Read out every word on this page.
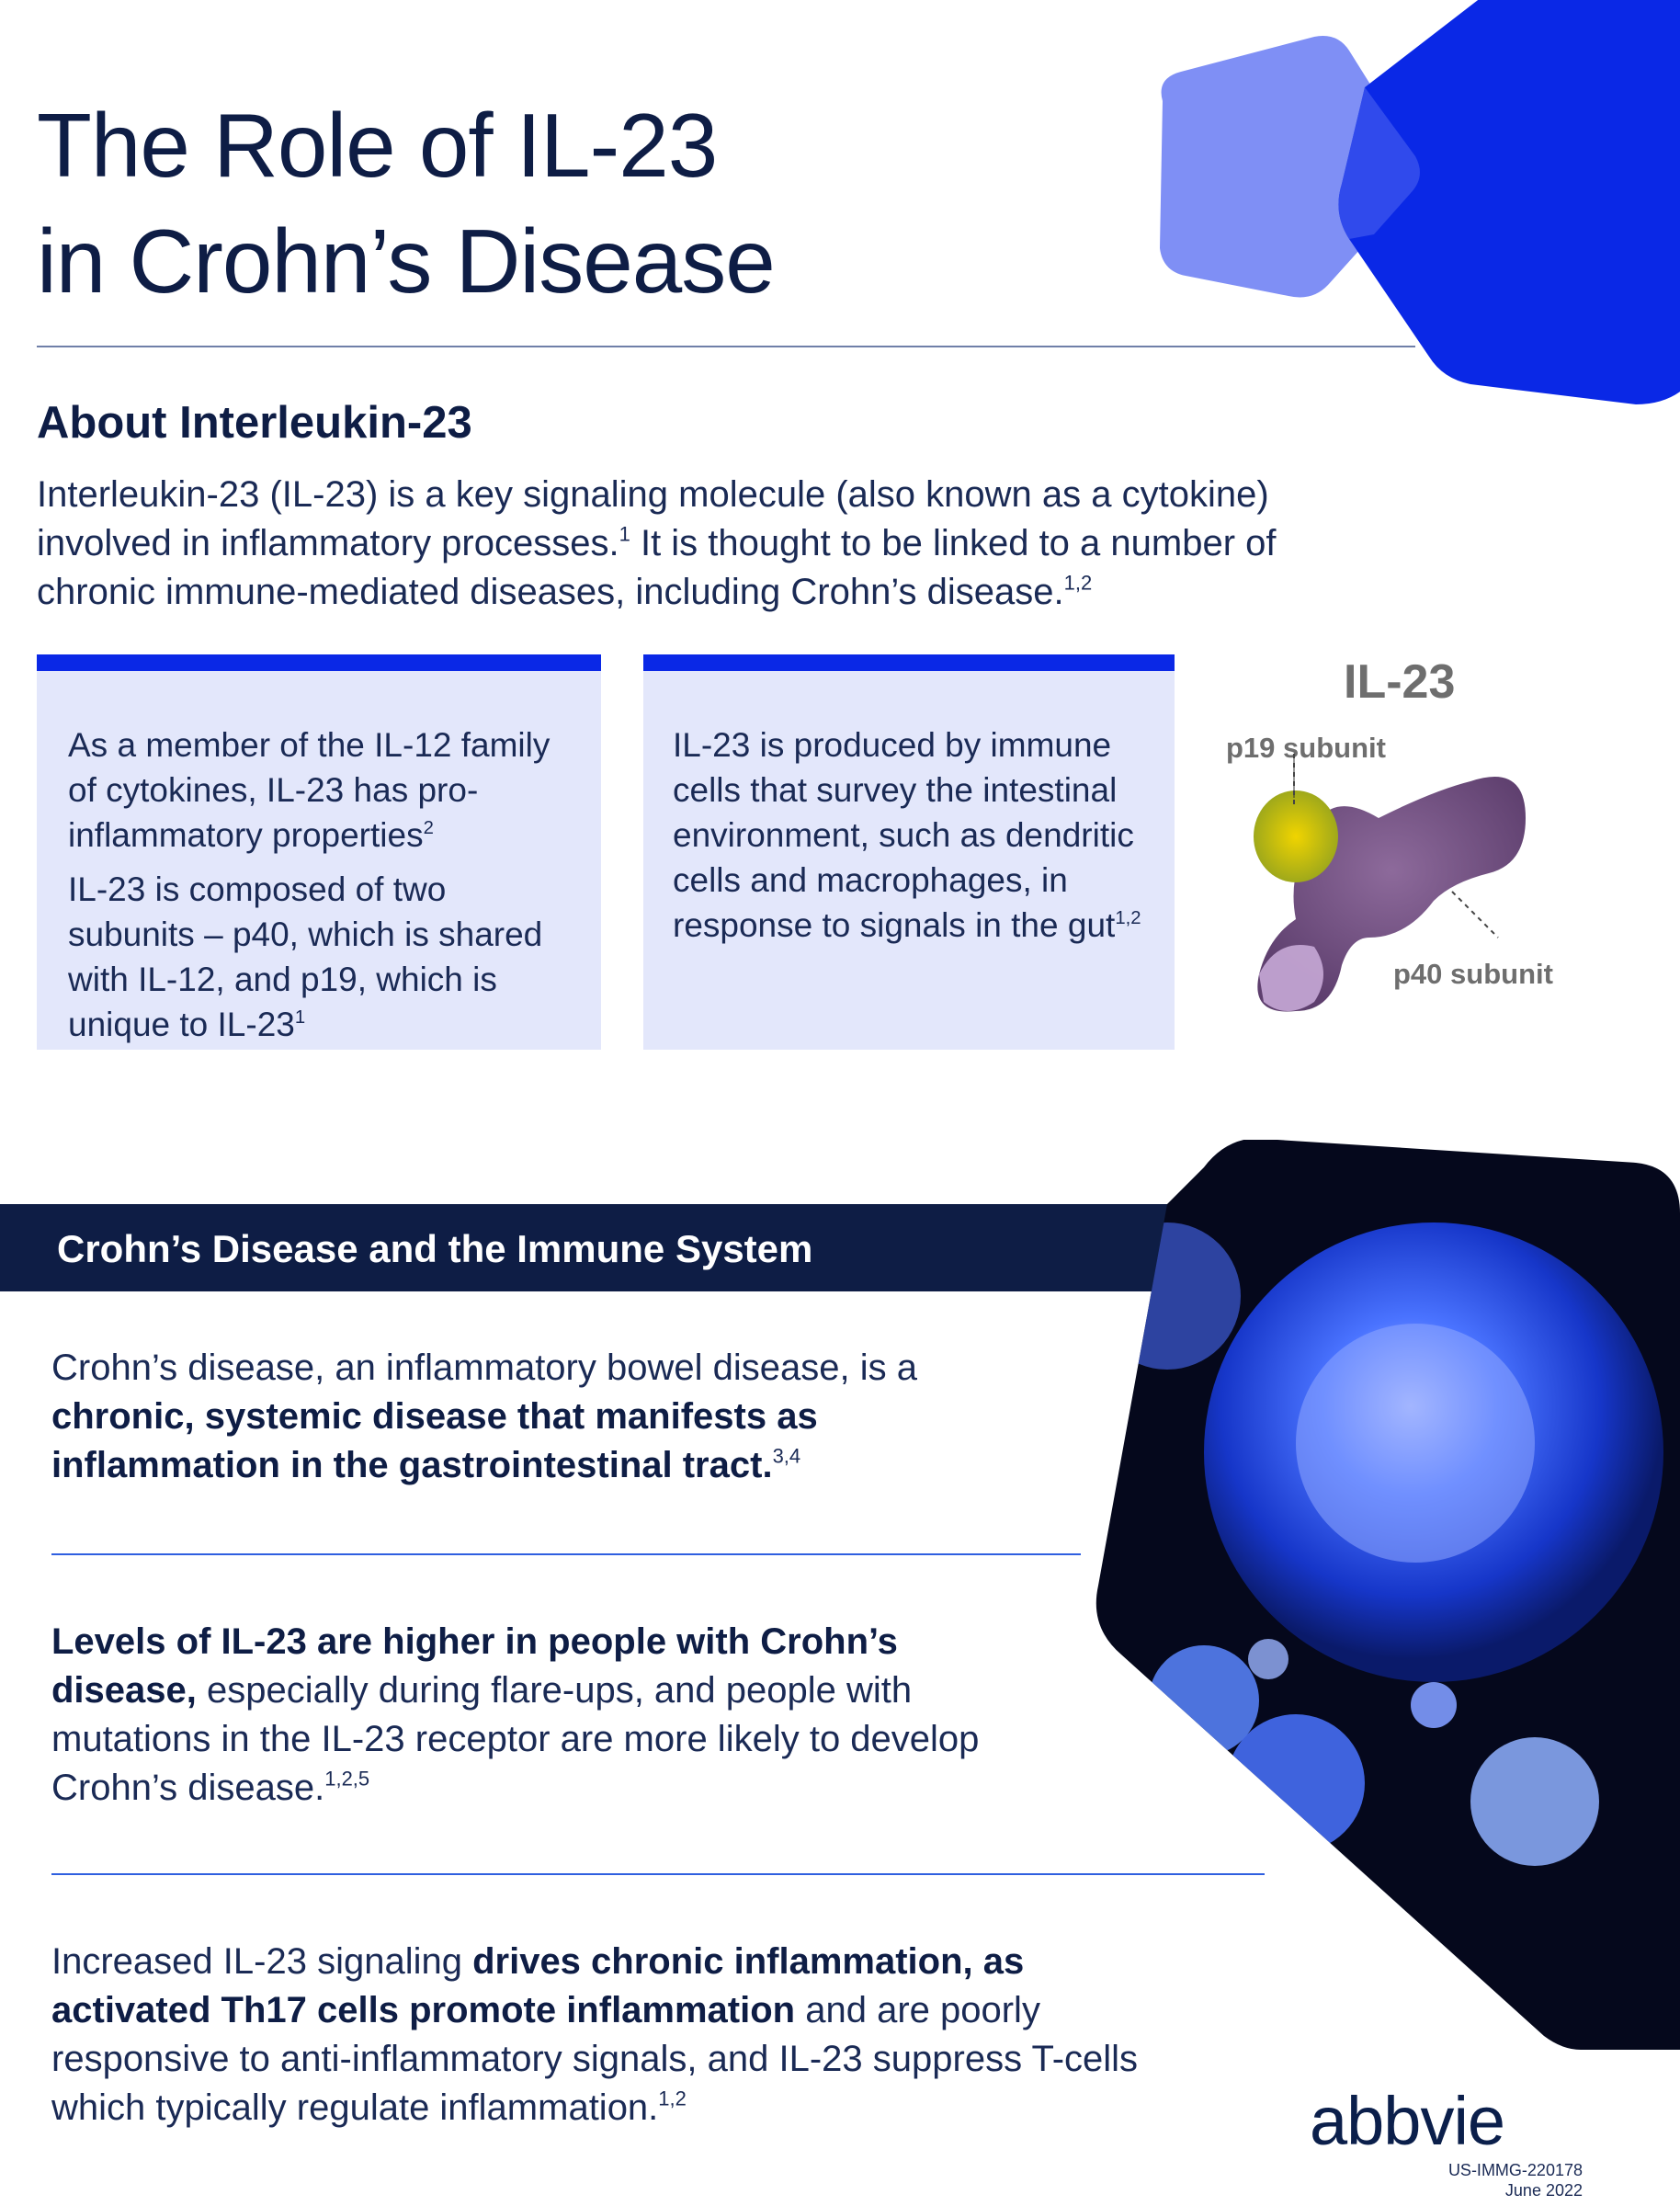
The Role of IL-23
in Crohn’s Disease
About Interleukin-23
Interleukin-23 (IL-23) is a key signaling molecule (also known as a cytokine) involved in inflammatory processes.$^1$ It is thought to be linked to a number of chronic immune-mediated diseases, including Crohn’s disease.$^{1,2}$
As a member of the IL-12 family of cytokines, IL-23 has pro-inflammatory properties$^2$
IL-23 is composed of two subunits – p40, which is shared with IL-12, and p19, which is unique to $IL-23^1$
IL-23 is produced by immune cells that survey the intestinal environment, such as dendritic cells and macrophages, in response to signals in the gut$^{1,2}$
IL-23
p19 subunit
p40 subunit
Crohn’s Disease and the Immune System
Crohn’s disease, an inflammatory bowel disease, is a chronic, systemic disease that manifests as inflammation in the gastrointestinal tract.$^{3,4}$
Levels of IL-23 are higher in people with Crohn’s disease, especially during flare-ups, and people with mutations in the IL-23 receptor are more likely to develop Crohn’s disease.$^{1,2,5}$
Increased IL-23 signaling drives chronic inflammation, as activated Th17 cells promote inflammation and are poorly responsive to anti-inflammatory signals, and IL-23 suppress T-cells which typically regulate inflammation.$^{1,2}$	abbvie
US-IMMG-220178
June 2022
